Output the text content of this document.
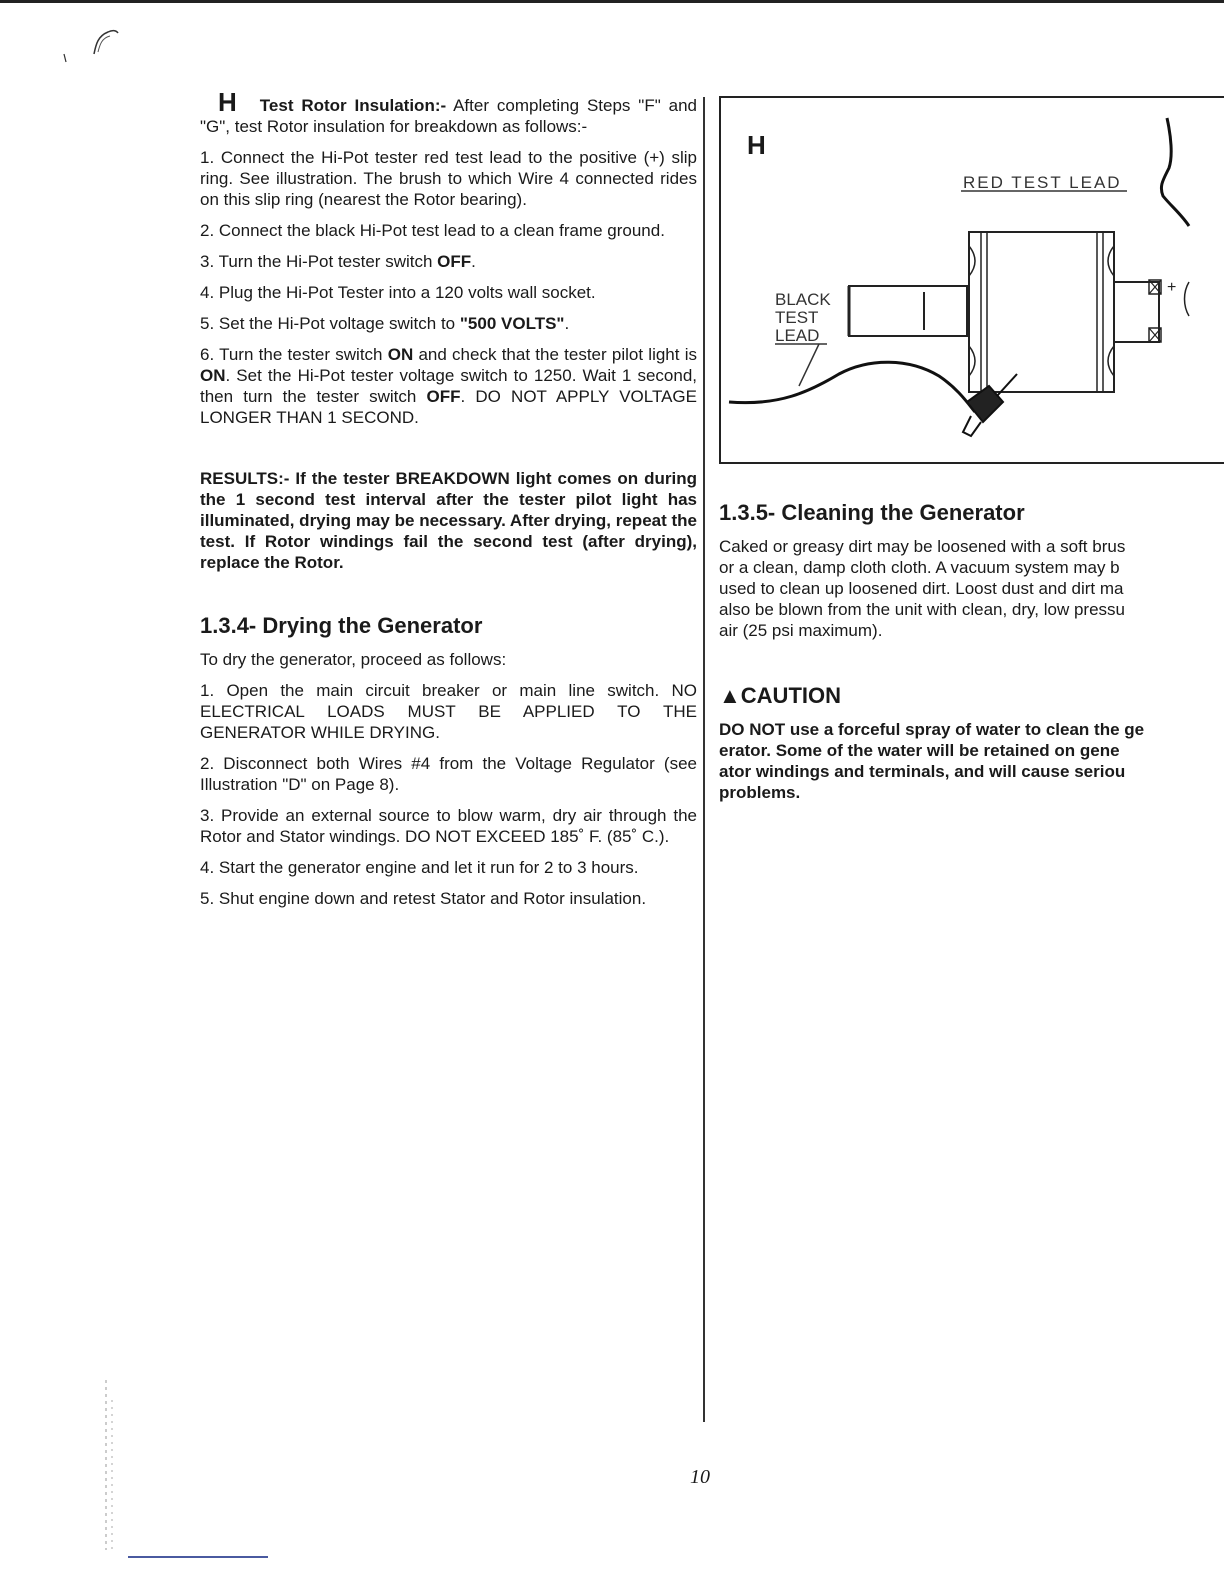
H Test Rotor Insulation:- After completing Steps "F" and "G", test Rotor insulation for breakdown as follows:-

1. Connect the Hi-Pot tester red test lead to the positive (+) slip ring. See illustration. The brush to which Wire 4 connected rides on this slip ring (nearest the Rotor bearing).

2. Connect the black Hi-Pot test lead to a clean frame ground.

3. Turn the Hi-Pot tester switch OFF.

4. Plug the Hi-Pot Tester into a 120 volts wall socket.

5. Set the Hi-Pot voltage switch to "500 VOLTS".

6. Turn the tester switch ON and check that the tester pilot light is ON. Set the Hi-Pot tester voltage switch to 1250. Wait 1 second, then turn the tester switch OFF. DO NOT APPLY VOLTAGE LONGER THAN 1 SECOND.

RESULTS:- If the tester BREAKDOWN light comes on during the 1 second test interval after the tester pilot light has illuminated, drying may be necessary. After drying, repeat the test. If Rotor windings fail the second test (after drying), replace the Rotor.

1.3.4- Drying the Generator

To dry the generator, proceed as follows:

1. Open the main circuit breaker or main line switch. NO ELECTRICAL LOADS MUST BE APPLIED TO THE GENERATOR WHILE DRYING.

2. Disconnect both Wires #4 from the Voltage Regulator (see Illustration "D" on Page 8).

3. Provide an external source to blow warm, dry air through the Rotor and Stator windings. DO NOT EXCEED 185˚ F. (85˚ C.).

4. Start the generator engine and let it run for 2 to 3 hours.

5. Shut engine down and retest Stator and Rotor insulation.

H
RED TEST LEAD
BLACK
TEST
LEAD
+
1.3.5- Cleaning the Generator
Caked or greasy dirt may be loosened with a soft brus
or a clean, damp cloth cloth. A vacuum system may b
used to clean up loosened dirt. Loost dust and dirt ma
also be blown from the unit with clean, dry, low pressu
air (25 psi maximum).
▲CAUTION
DO NOT use a forceful spray of water to clean the ge
erator. Some of the water will be retained on gene
ator windings and terminals, and will cause seriou
problems.
10
